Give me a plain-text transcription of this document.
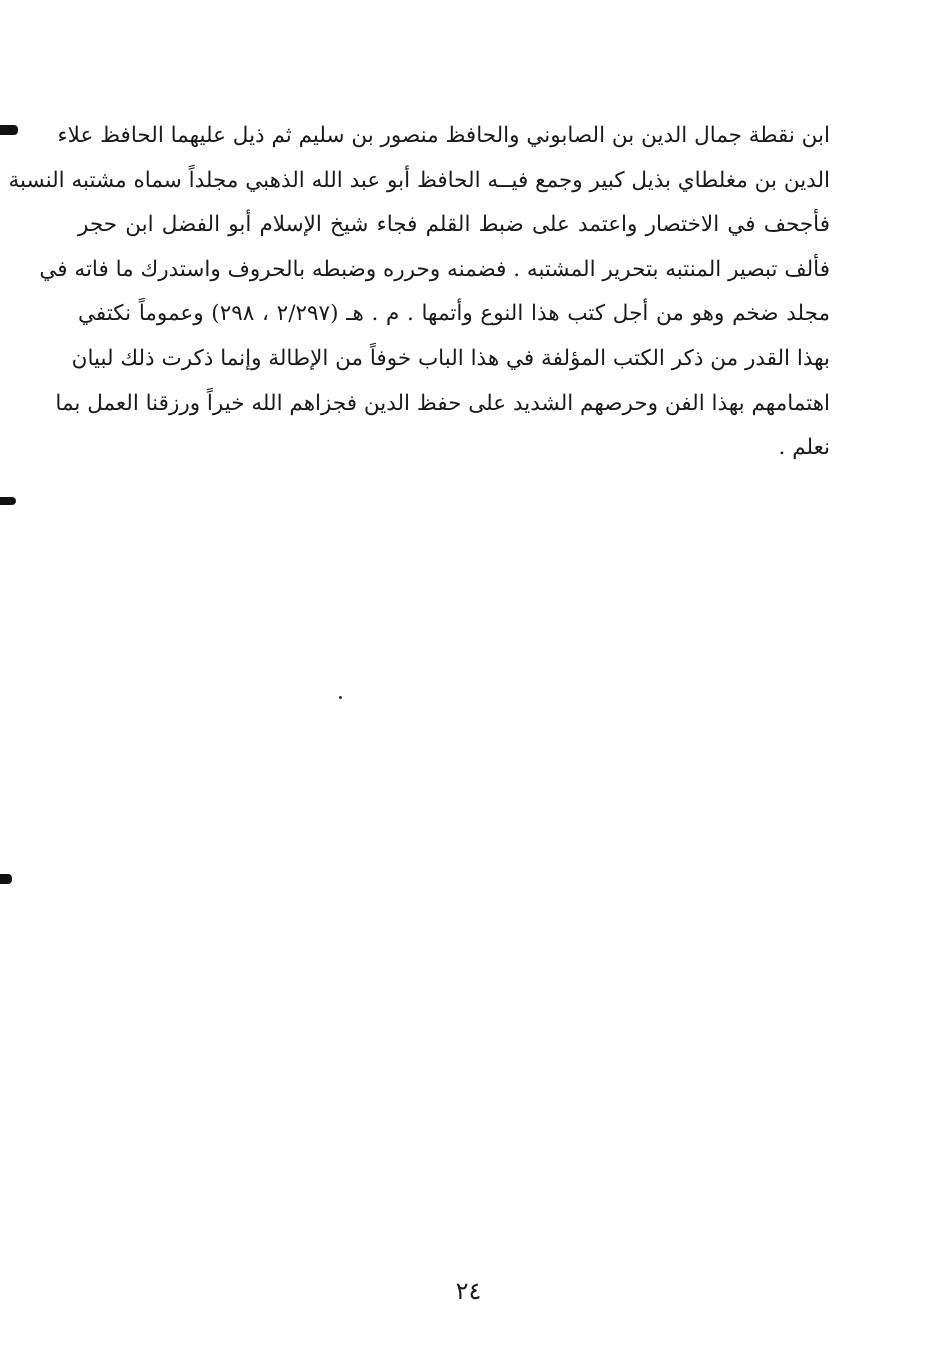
ابن نقطة جمال الدين بن الصابوني والحافظ منصور بن سليم ثم ذيل عليهما الحافظ علاء
الدين بن مغلطاي بذيل كبير وجمع فيــه الحافظ أبو عبد الله الذهبي مجلداً سماه مشتبه النسبة
فأجحف في الاختصار واعتمد على ضبط القلم فجاء شيخ الإسلام أبو الفضل ابن حجر
فألف تبصير المنتبه بتحرير المشتبه . فضمنه وحرره وضبطه بالحروف واستدرك ما فاته في
مجلد ضخم وهو من أجل كتب هذا النوع وأتمها . م . هـ (٢/٢٩٧ ، ٢٩٨) وعموماً نكتفي
بهذا القدر من ذكر الكتب المؤلفة في هذا الباب خوفاً من الإطالة وإنما ذكرت ذلك لبيان
اهتمامهم بهذا الفن وحرصهم الشديد على حفظ الدين فجزاهم الله خيراً ورزقنا العمل بما
نعلم .
٢٤
